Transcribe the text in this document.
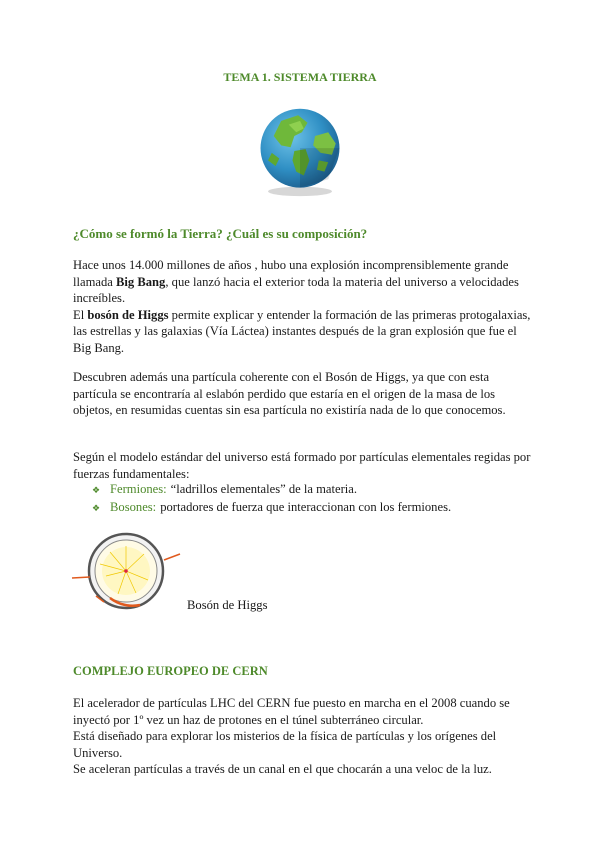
TEMA 1. SISTEMA TIERRA
¿Cómo se formó la Tierra? ¿Cuál es su composición?

Hace unos 14.000 millones de años , hubo una explosión incomprensiblemente grande llamada Big Bang, que lanzó hacia el exterior toda la materia del universo a velocidades increíbles.
El bosón de Higgs permite explicar y entender la formación de las primeras protogalaxias, las estrellas y las galaxias (Vía Láctea) instantes después de la gran explosión que fue el Big Bang.

Descubren además una partícula coherente con el Bosón de Higgs, ya que con esta partícula se encontraría al eslabón perdido que estaría en el origen de la masa de los objetos, en resumidas cuentas sin esa partícula no existiría nada de lo que conocemos.

Según el modelo estándar del universo está formado por partículas elementales regidas por fuerzas fundamentales:

❖ Fermiones: “ladrillos elementales” de la materia.
❖ Bosones: portadores de fuerza que interaccionan con los fermiones.

Bosón de Higgs

COMPLEJO EUROPEO DE CERN

El acelerador de partículas LHC del CERN fue puesto en marcha en el 2008 cuando se inyectó por 1º vez un haz de protones en el túnel subterráneo circular.
Está diseñado para explorar los misterios de la física de partículas y los orígenes del Universo.
Se aceleran partículas a través de un canal en el que chocarán a una veloc de la luz.
